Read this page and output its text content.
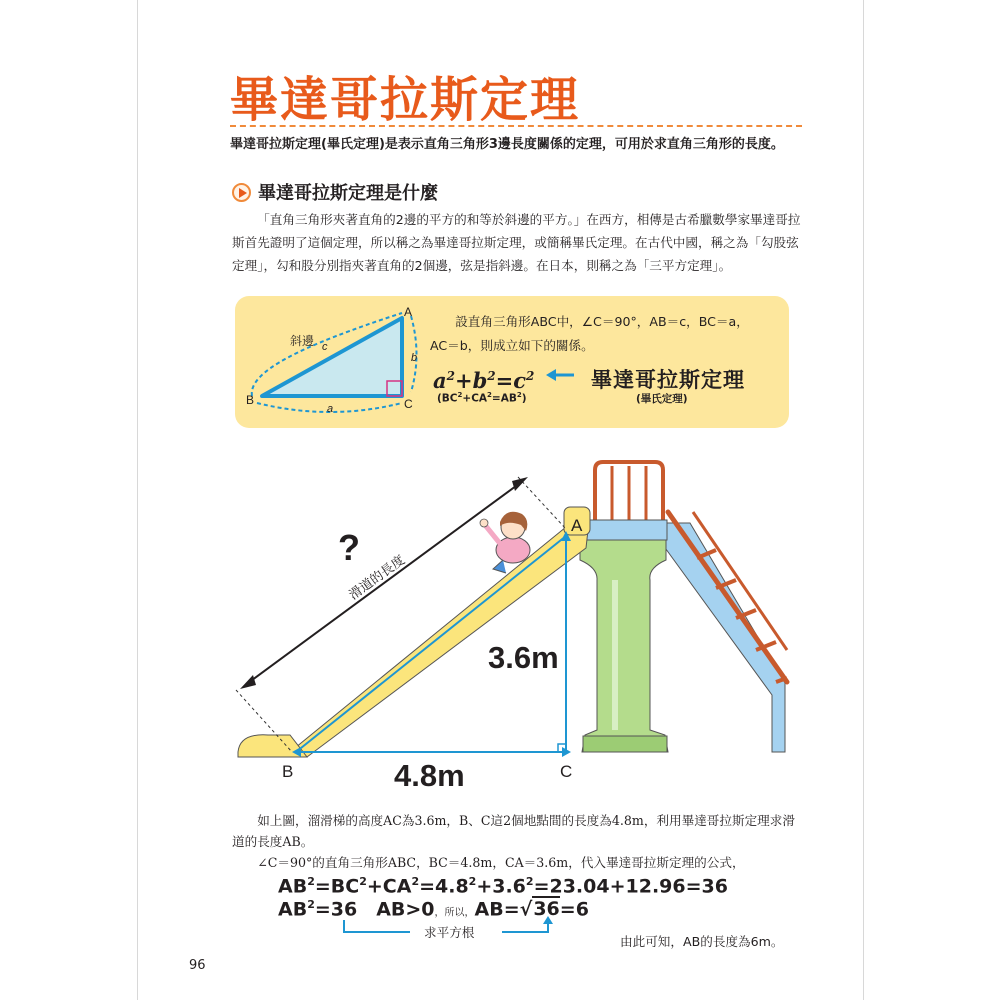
畢達哥拉斯定理
畢達哥拉斯定理(畢氏定理)是表示直角三角形3邊長度關係的定理，可用於求直角三角形的長度。
畢達哥拉斯定理是什麼

「直角三角形夾著直角的2邊的平方的和等於斜邊的平方。」在西方，相傳是古希臘數學家畢達哥拉斯首先證明了這個定理，所以稱之為畢達哥拉斯定理，或簡稱畢氏定理。在古代中國，稱之為「勾股弦定理」，勾和股分別指夾著直角的2個邊，弦是指斜邊。在日本，則稱之為「三平方定理」。

設直角三角形ABC中，∠C＝90°，AB＝c，BC＝a，

AC＝b，則成立如下的關係。

$a^2+b^2=c^2$
$(BC^2+CA^2=AB^2)$
畢達哥拉斯定理
(畢氏定理)
斜邊 c
b
a
A
B	C
?
滑道的長度
3.6m
4.8m
A
B	C

如上圖，溜滑梯的高度AC為3.6m，B、C這2個地點間的長度為4.8m，利用畢達哥拉斯定理求滑道的長度AB。

∠C＝90°的直角三角形ABC，BC＝4.8m，CA＝3.6m，代入畢達哥拉斯定理的公式，

$AB^2=BC^2+CA^2=4.8^2+3.6^2=23.04+12.96=36$
$AB^2=36$　AB>0，所以，AB=√36=6
求平方根
由此可知，AB的長度為6m。
96
